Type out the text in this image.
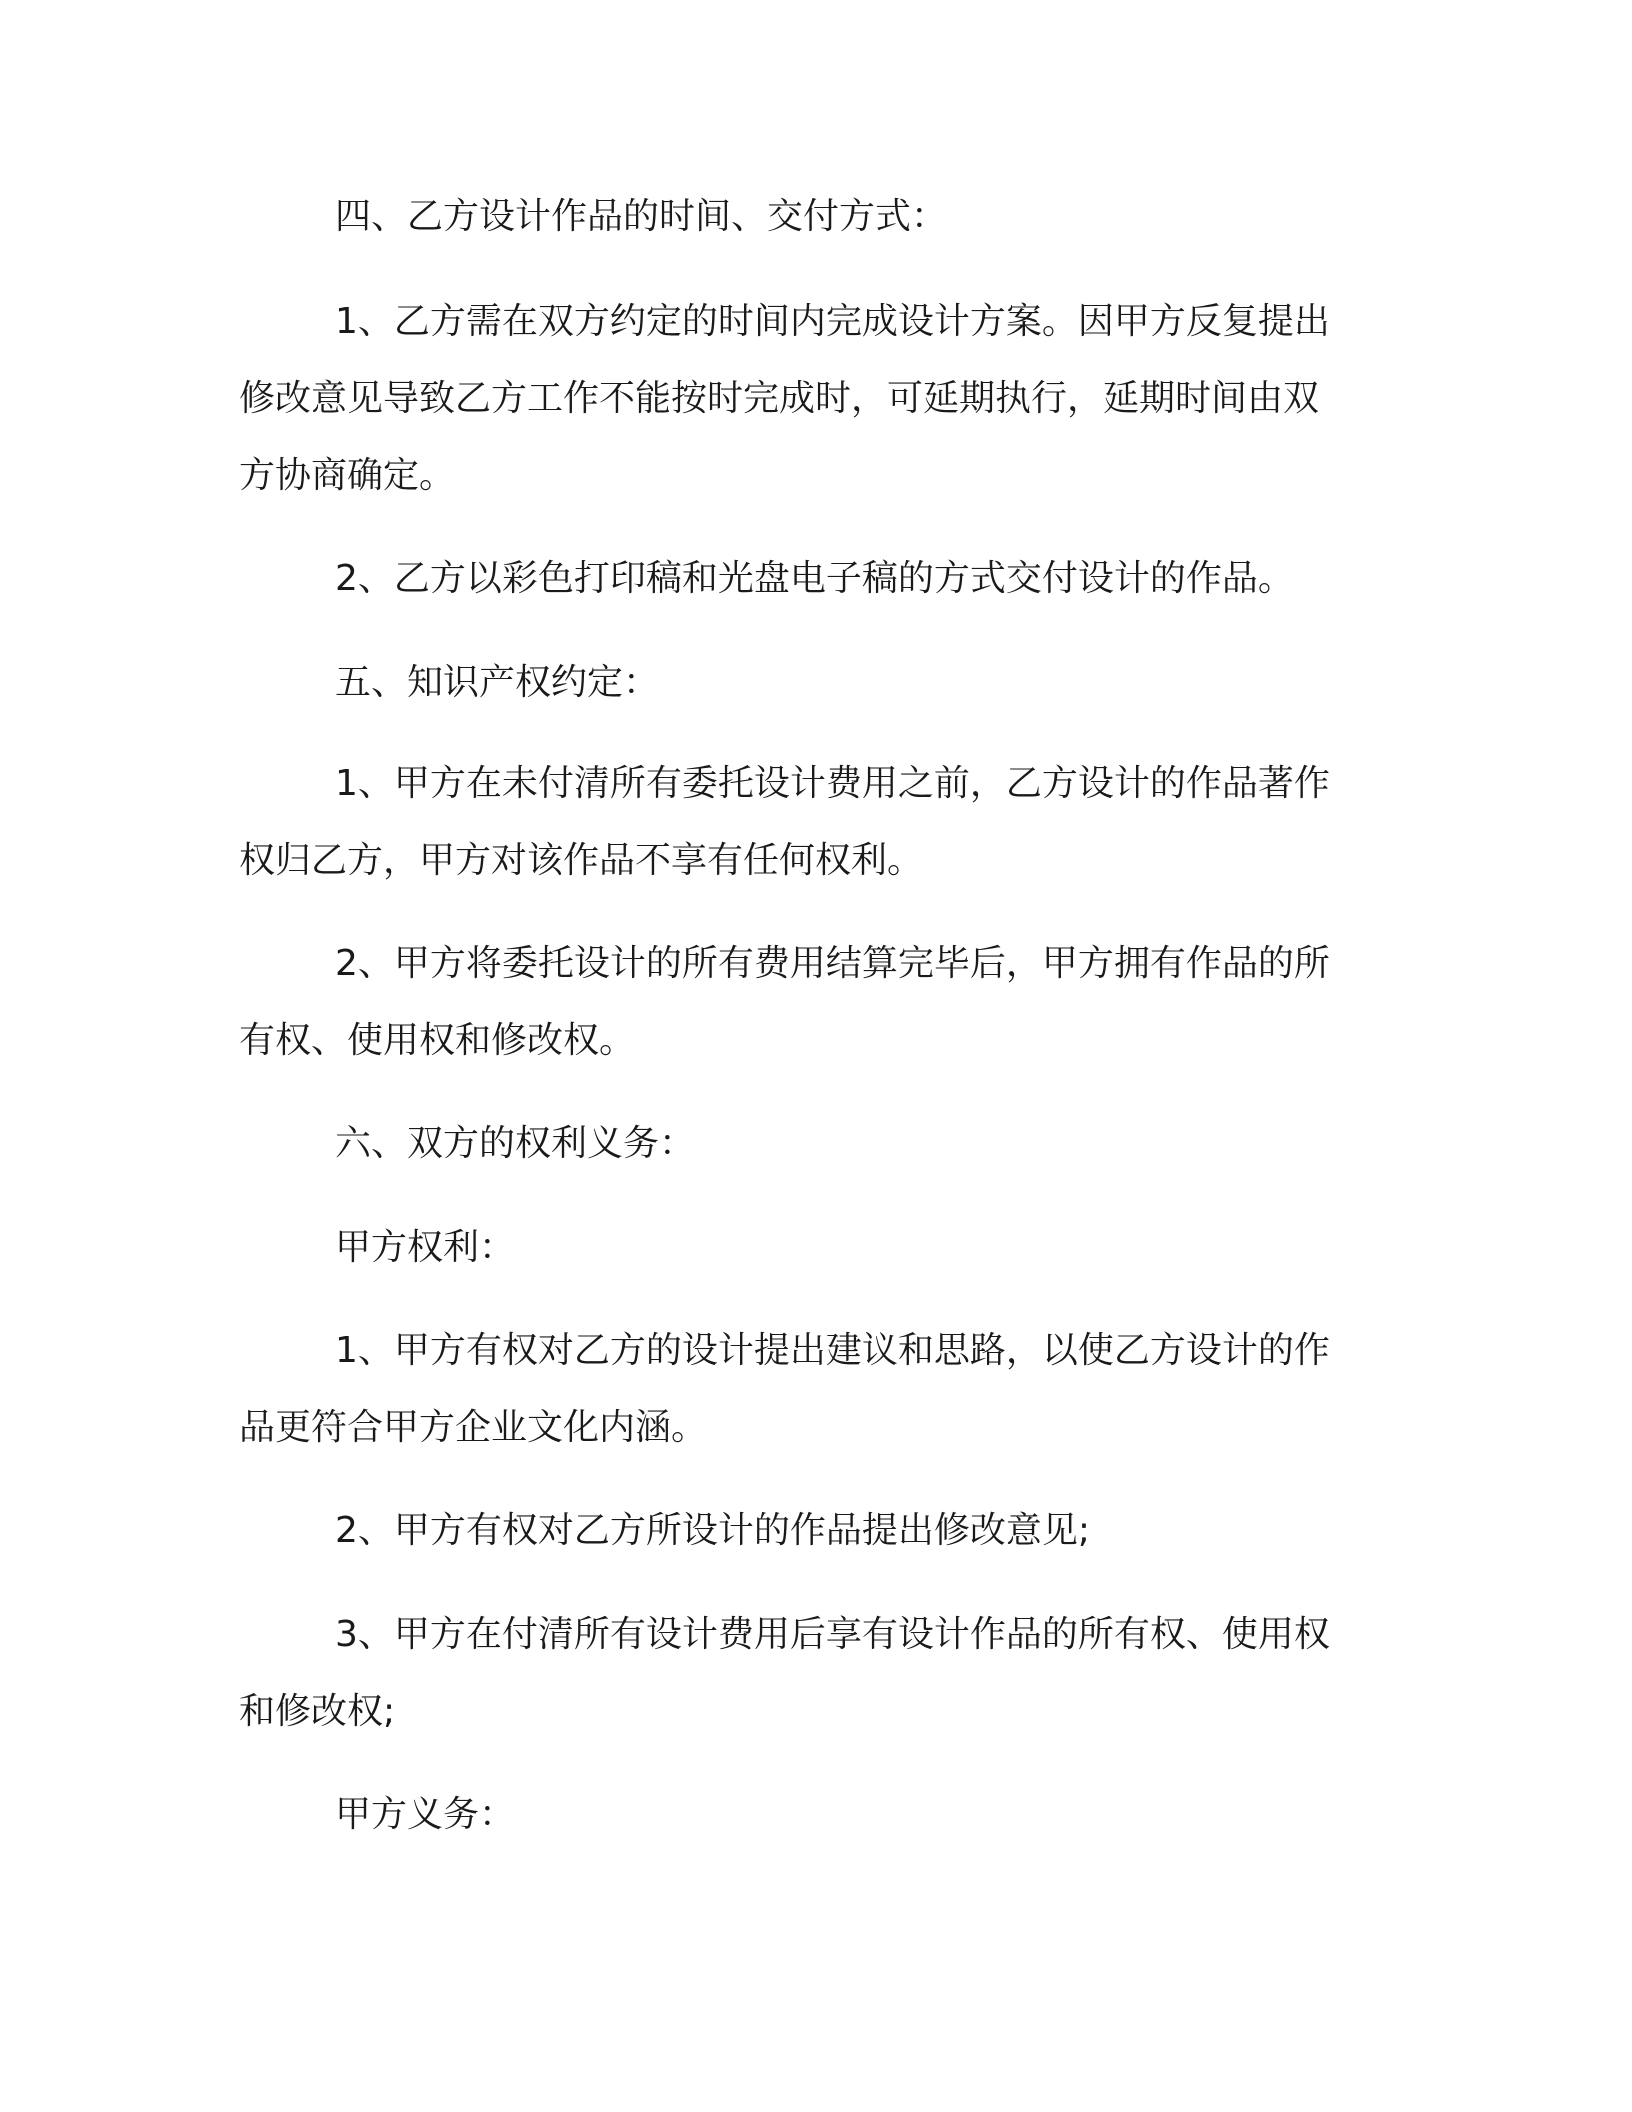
四、乙方设计作品的时间、交付方式：

1、乙方需在双方约定的时间内完成设计方案。因甲方反复提出
修改意见导致乙方工作不能按时完成时，可延期执行，延期时间由双
方协商确定。

2、乙方以彩色打印稿和光盘电子稿的方式交付设计的作品。

五、知识产权约定：

1、甲方在未付清所有委托设计费用之前，乙方设计的作品著作
权归乙方，甲方对该作品不享有任何权利。

2、甲方将委托设计的所有费用结算完毕后，甲方拥有作品的所
有权、使用权和修改权。

六、双方的权利义务：

甲方权利：

1、甲方有权对乙方的设计提出建议和思路，以使乙方设计的作
品更符合甲方企业文化内涵。

2、甲方有权对乙方所设计的作品提出修改意见;

3、甲方在付清所有设计费用后享有设计作品的所有权、使用权
和修改权;

甲方义务：
